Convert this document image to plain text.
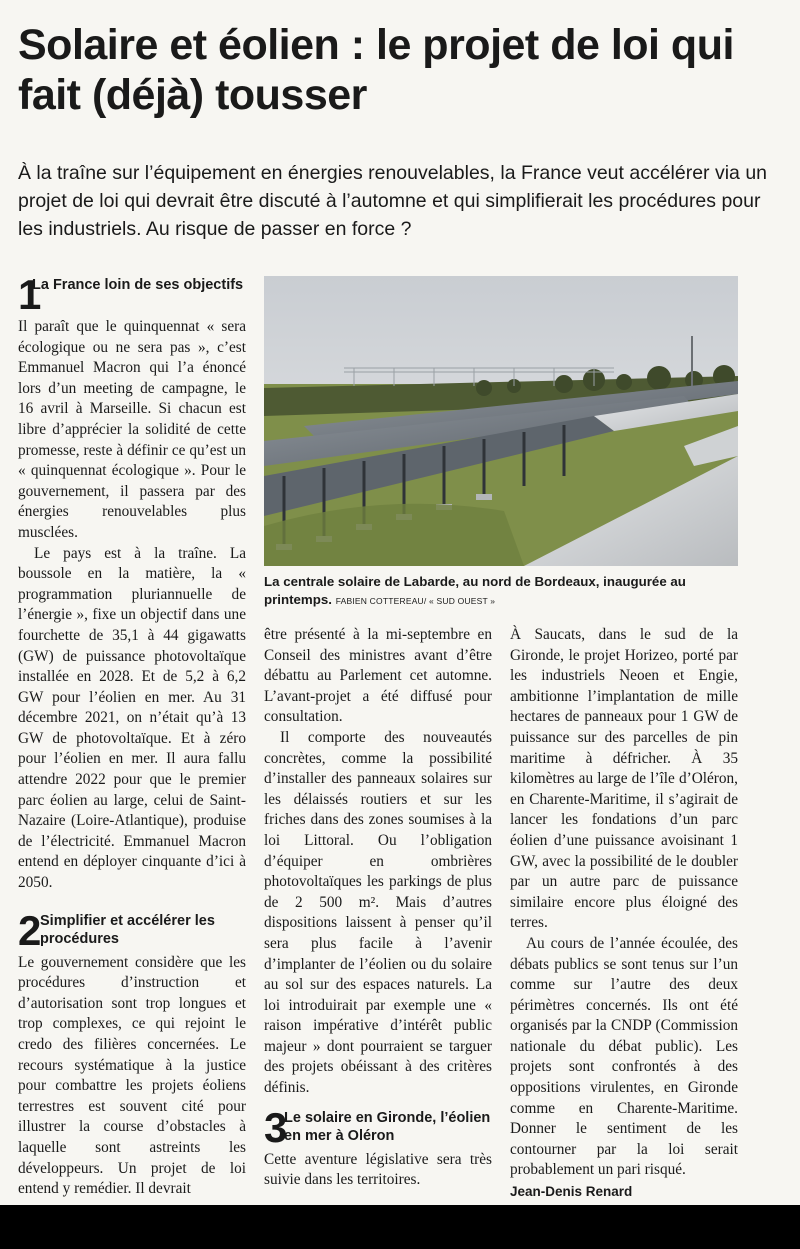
Solaire et éolien : le projet de loi qui fait (déjà) tousser

À la traîne sur l’équipement en énergies renouvelables, la France veut accélérer via un projet de loi qui devrait être discuté à l’automne et qui simplifierait les procédures pour les industriels. Au risque de passer en force ?

1
La France loin de ses objectifs

Il paraît que le quinquennat « sera écologique ou ne sera pas », c’est Emmanuel Macron qui l’a énoncé lors d’un meeting de campagne, le 16 avril à Marseille. Si chacun est libre d’apprécier la solidité de cette promesse, reste à définir ce qu’est un « quinquennat écologique ». Pour le gouvernement, il passera par des énergies renouvelables plus musclées.

Le pays est à la traîne. La boussole en la matière, la « programmation pluriannuelle de l’énergie », fixe un objectif dans une fourchette de 35,1 à 44 gigawatts (GW) de puissance photovoltaïque installée en 2028. Et de 5,2 à 6,2 GW pour l’éolien en mer. Au 31 décembre 2021, on n’était qu’à 13 GW de photovoltaïque. Et à zéro pour l’éolien en mer. Il aura fallu attendre 2022 pour que le premier parc éolien au large, celui de Saint-Nazaire (Loire-Atlantique), produise de l’électricité. Emmanuel Macron entend en déployer cinquante d’ici à 2050.

2
Simplifier et accélérer les procédures

Le gouvernement considère que les procédures d’instruction et d’autorisation sont trop longues et trop complexes, ce qui rejoint le credo des filières concernées. Le recours systématique à la justice pour combattre les projets éoliens terrestres est souvent cité pour illustrer la course d’obstacles à laquelle sont astreints les développeurs. Un projet de loi entend y remédier. Il devrait

La centrale solaire de Labarde, au nord de Bordeaux, inaugurée au printemps. FABIEN COTTEREAU/ « SUD OUEST »

être présenté à la mi-septembre en Conseil des ministres avant d’être débattu au Parlement cet automne. L’avant-projet a été diffusé pour consultation.

Il comporte des nouveautés concrètes, comme la possibilité d’installer des panneaux solaires sur les délaissés routiers et sur les friches dans des zones soumises à la loi Littoral. Ou l’obligation d’équiper en ombrières photovoltaïques les parkings de plus de 2 500 m². Mais d’autres dispositions laissent à penser qu’il sera plus facile à l’avenir d’implanter de l’éolien ou du solaire au sol sur des espaces naturels. La loi introduirait par exemple une « raison impérative d’intérêt public majeur » dont pourraient se targuer des projets obéissant à des critères définis.

3
Le solaire en Gironde, l’éolien en mer à Oléron

Cette aventure législative sera très suivie dans les territoires.

À Saucats, dans le sud de la Gironde, le projet Horizeo, porté par les industriels Neoen et Engie, ambitionne l’implantation de mille hectares de panneaux pour 1 GW de puissance sur des parcelles de pin maritime à défricher. À 35 kilomètres au large de l’île d’Oléron, en Charente-Maritime, il s’agirait de lancer les fondations d’un parc éolien d’une puissance avoisinant 1 GW, avec la possibilité de le doubler par un autre parc de puissance similaire encore plus éloigné des terres.

Au cours de l’année écoulée, des débats publics se sont tenus sur l’un comme sur l’autre des deux périmètres concernés. Ils ont été organisés par la CNDP (Commission nationale du débat public). Les projets sont confrontés à des oppositions virulentes, en Gironde comme en Charente-Maritime. Donner le sentiment de les contourner par la loi serait probablement un pari risqué.

Jean-Denis Renard
